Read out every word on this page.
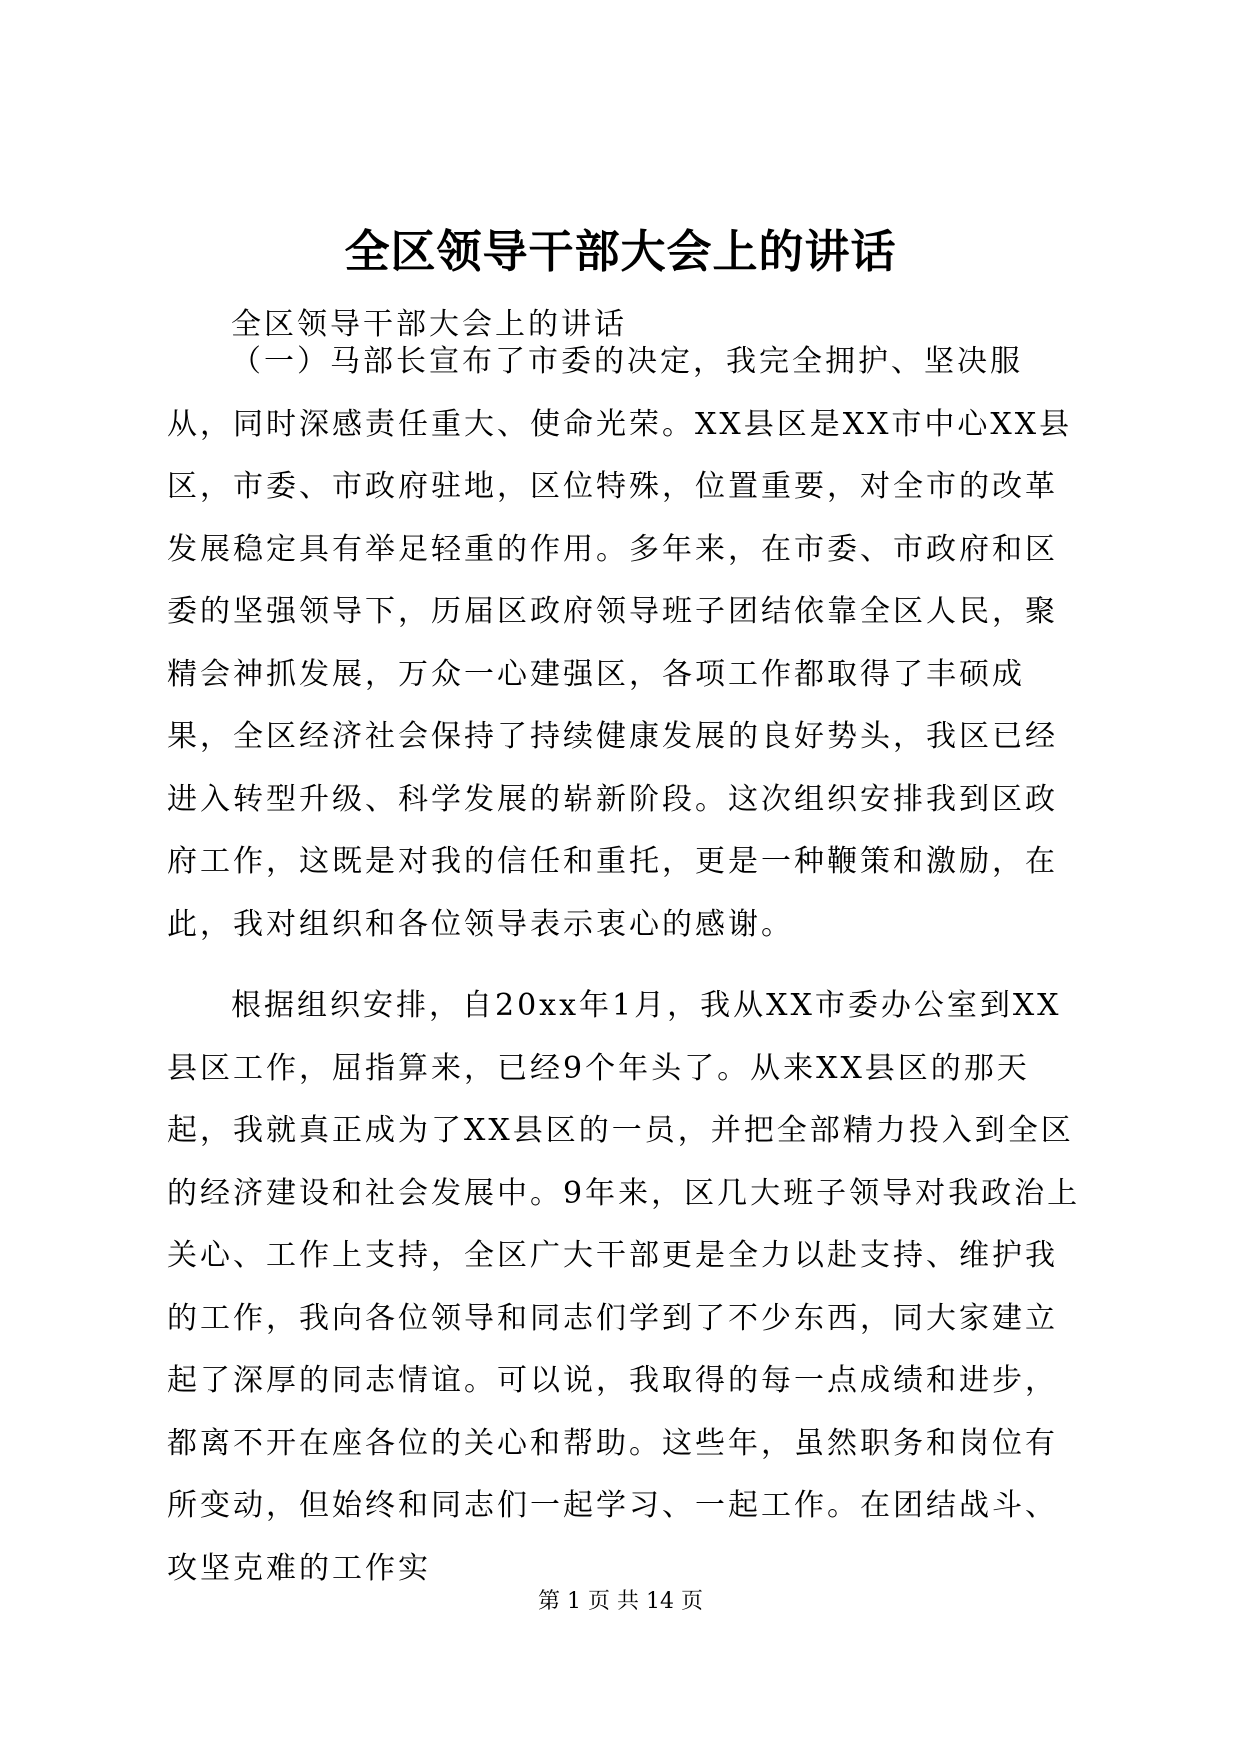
全区领导干部大会上的讲话
全区领导干部大会上的讲话

（一）马部长宣布了市委的决定，我完全拥护、坚决服从，同时深感责任重大、使命光荣。XX县区是XX市中心XX县区，市委、市政府驻地，区位特殊，位置重要，对全市的改革发展稳定具有举足轻重的作用。多年来，在市委、市政府和区委的坚强领导下，历届区政府领导班子团结依靠全区人民，聚精会神抓发展，万众一心建强区，各项工作都取得了丰硕成果，全区经济社会保持了持续健康发展的良好势头，我区已经进入转型升级、科学发展的崭新阶段。这次组织安排我到区政府工作，这既是对我的信任和重托，更是一种鞭策和激励，在此，我对组织和各位领导表示衷心的感谢。

根据组织安排，自20xx年1月，我从XX市委办公室到XX县区工作，屈指算来，已经9个年头了。从来XX县区的那天起，我就真正成为了XX县区的一员，并把全部精力投入到全区的经济建设和社会发展中。9年来，区几大班子领导对我政治上关心、工作上支持，全区广大干部更是全力以赴支持、维护我的工作，我向各位领导和同志们学到了不少东西，同大家建立起了深厚的同志情谊。可以说，我取得的每一点成绩和进步，都离不开在座各位的关心和帮助。这些年，虽然职务和岗位有所变动，但始终和同志们一起学习、一起工作。在团结战斗、攻坚克难的工作实

第 1 页 共 14 页
